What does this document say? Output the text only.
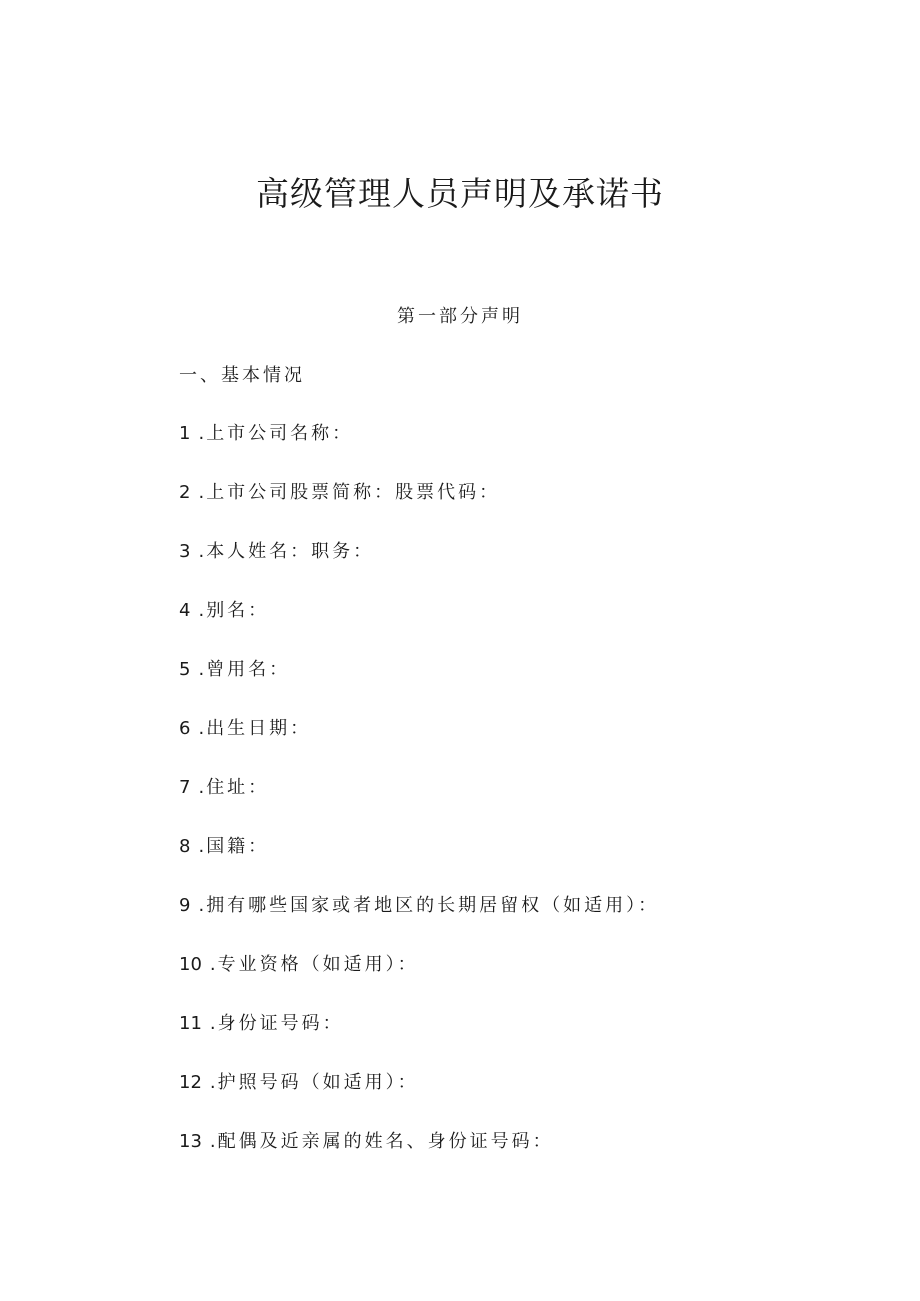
高级管理人员声明及承诺书
第一部分声明
一、基本情况
1 . 上市公司名称：
2 . 上市公司股票简称：股票代码：
3 . 本人姓名：职务：
4 . 别名：
5 . 曾用名：
6 . 出生日期：
7 . 住址：
8 . 国籍：
9 . 拥有哪些国家或者地区的长期居留权（如适用）：
10 . 专业资格（如适用）：
11 . 身份证号码：
12 . 护照号码（如适用）：
13 . 配偶及近亲属的姓名、身份证号码：
